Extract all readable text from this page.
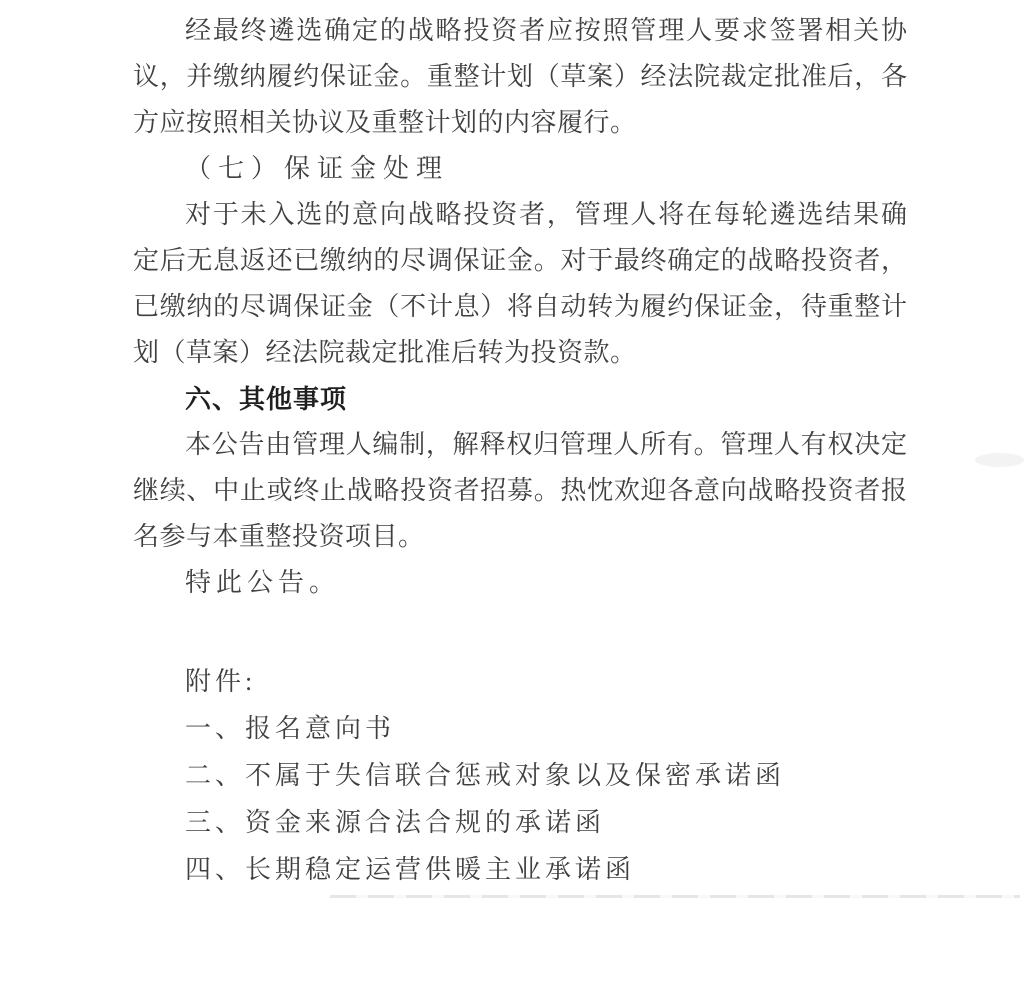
经最终遴选确定的战略投资者应按照管理人要求签署相关协
议，并缴纳履约保证金。重整计划（草案）经法院裁定批准后，各
方应按照相关协议及重整计划的内容履行。
（七）保证金处理
对于未入选的意向战略投资者，管理人将在每轮遴选结果确
定后无息返还已缴纳的尽调保证金。对于最终确定的战略投资者，
已缴纳的尽调保证金（不计息）将自动转为履约保证金，待重整计
划（草案）经法院裁定批准后转为投资款。
六、其他事项
本公告由管理人编制，解释权归管理人所有。管理人有权决定
继续、中止或终止战略投资者招募。热忱欢迎各意向战略投资者报
名参与本重整投资项目。
特此公告。
附件:
一、报名意向书
二、不属于失信联合惩戒对象以及保密承诺函
三、资金来源合法合规的承诺函
四、长期稳定运营供暖主业承诺函
